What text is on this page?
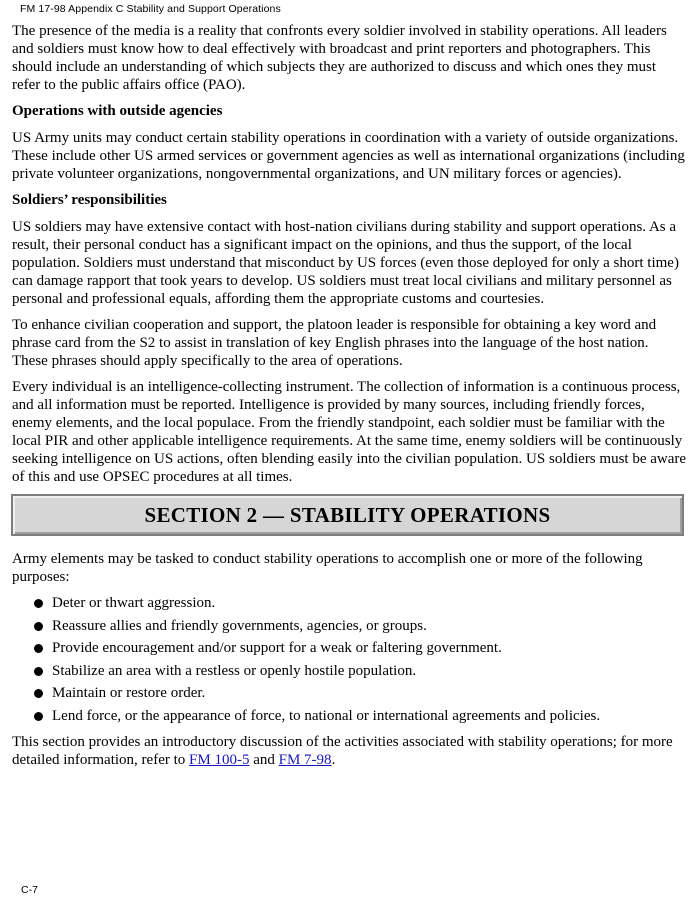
FM 17-98 Appendix C Stability and Support Operations

The presence of the media is a reality that confronts every soldier involved in stability operations. All leaders and soldiers must know how to deal effectively with broadcast and print reporters and photographers. This should include an understanding of which subjects they are authorized to discuss and which ones they must refer to the public affairs office (PAO).

Operations with outside agencies

US Army units may conduct certain stability operations in coordination with a variety of outside organizations. These include other US armed services or government agencies as well as international organizations (including private volunteer organizations, nongovernmental organizations, and UN military forces or agencies).

Soldiers’ responsibilities

US soldiers may have extensive contact with host-nation civilians during stability and support operations. As a result, their personal conduct has a significant impact on the opinions, and thus the support, of the local population. Soldiers must understand that misconduct by US forces (even those deployed for only a short time) can damage rapport that took years to develop. US soldiers must treat local civilians and military personnel as personal and professional equals, affording them the appropriate customs and courtesies.

To enhance civilian cooperation and support, the platoon leader is responsible for obtaining a key word and phrase card from the S2 to assist in translation of key English phrases into the language of the host nation. These phrases should apply specifically to the area of operations.

Every individual is an intelligence-collecting instrument. The collection of information is a continuous process, and all information must be reported. Intelligence is provided by many sources, including friendly forces, enemy elements, and the local populace. From the friendly standpoint, each soldier must be familiar with the local PIR and other applicable intelligence requirements. At the same time, enemy soldiers will be continuously seeking intelligence on US actions, often blending easily into the civilian population. US soldiers must be aware of this and use OPSEC procedures at all times.

SECTION 2 — STABILITY OPERATIONS

Army elements may be tasked to conduct stability operations to accomplish one or more of the following purposes:

Deter or thwart aggression.
Reassure allies and friendly governments, agencies, or groups.
Provide encouragement and/or support for a weak or faltering government.
Stabilize an area with a restless or openly hostile population.
Maintain or restore order.
Lend force, or the appearance of force, to national or international agreements and policies.

This section provides an introductory discussion of the activities associated with stability operations; for more detailed information, refer to FM 100-5 and FM 7-98.

C-7
